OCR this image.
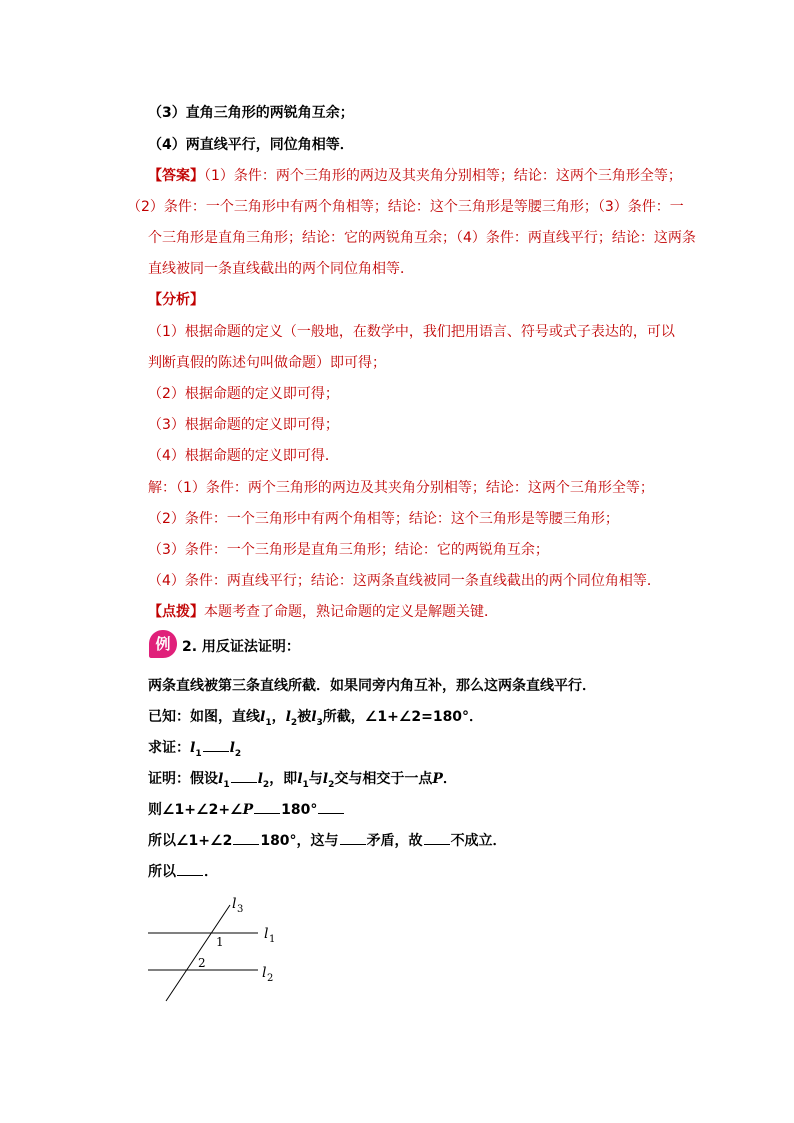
（3）直角三角形的两锐角互余；
（4）两直线平行，同位角相等．
【答案】（1）条件：两个三角形的两边及其夹角分别相等；结论：这两个三角形全等；
（2）条件：一个三角形中有两个角相等；结论：这个三角形是等腰三角形；（3）条件：一
个三角形是直角三角形；结论：它的两锐角互余；（4）条件：两直线平行；结论：这两条
直线被同一条直线截出的两个同位角相等．
【分析】
（1）根据命题的定义（一般地，在数学中，我们把用语言、符号或式子表达的，可以
判断真假的陈述句叫做命题）即可得；
（2）根据命题的定义即可得；
（3）根据命题的定义即可得；
（4）根据命题的定义即可得．
解：（1）条件：两个三角形的两边及其夹角分别相等；结论：这两个三角形全等；
（2）条件：一个三角形中有两个角相等；结论：这个三角形是等腰三角形；
（3）条件：一个三角形是直角三角形；结论：它的两锐角互余；
（4）条件：两直线平行；结论：这两条直线被同一条直线截出的两个同位角相等．
【点拨】本题考查了命题，熟记命题的定义是解题关键．
例 2. 用反证法证明：
两条直线被第三条直线所截．如果同旁内角互补，那么这两条直线平行．
已知：如图，直线$l_1$，$l_2$被$l_3$所截，∠1+∠2=180°．
求证：$l_1$ $l_2$
证明：假设$l_1$ $l_2$，即$l_1$与$l_2$交与相交于一点P．
则∠1+∠2+∠P 180°
所以∠1+∠2 180°，这与 矛盾，故 不成立．
所以 ．
l 3
l 1
l 2
1
2
